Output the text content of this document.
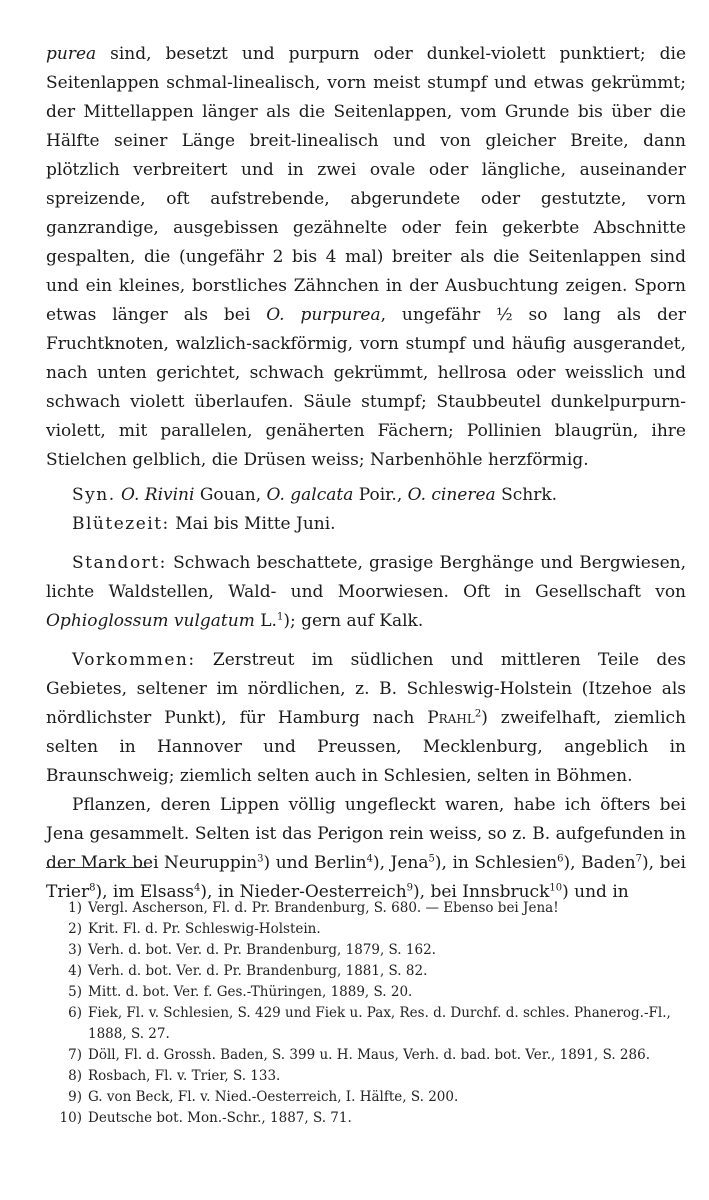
purea sind, besetzt und purpurn oder dunkel-violett punktiert; die Seitenlappen schmal-linealisch, vorn meist stumpf und etwas gekrümmt; der Mittellappen länger als die Seitenlappen, vom Grunde bis über die Hälfte seiner Länge breit-linealisch und von gleicher Breite, dann plötzlich verbreitert und in zwei ovale oder längliche, auseinander spreizende, oft aufstrebende, abgerundete oder gestutzte, vorn ganzrandige, ausgebissen gezähnelte oder fein gekerbte Abschnitte gespalten, die (ungefähr 2 bis 4 mal) breiter als die Seitenlappen sind und ein kleines, borstliches Zähnchen in der Ausbuchtung zeigen. Sporn etwas länger als bei O. purpurea, ungefähr ½ so lang als der Fruchtknoten, walzlich-sackförmig, vorn stumpf und häufig ausgerandet, nach unten gerichtet, schwach gekrümmt, hellrosa oder weisslich und schwach violett überlaufen. Säule stumpf; Staubbeutel dunkelpurpurn-violett, mit parallelen, genäherten Fächern; Pollinien blaugrün, ihre Stielchen gelblich, die Drüsen weiss; Narbenhöhle herzförmig.

Syn. O. Rivini Gouan, O. galcata Poir., O. cinerea Schrk.

Blütezeit: Mai bis Mitte Juni.

Standort: Schwach beschattete, grasige Berghänge und Bergwiesen, lichte Waldstellen, Wald- und Moorwiesen. Oft in Gesellschaft von Ophioglossum vulgatum L.$^1$); gern auf Kalk.

Vorkommen: Zerstreut im südlichen und mittleren Teile des Gebietes, seltener im nördlichen, z. B. Schleswig-Holstein (Itzehoe als nördlichster Punkt), für Hamburg nach Prahl$^2$) zweifelhaft, ziemlich selten in Hannover und Preussen, Mecklenburg, angeblich in Braunschweig; ziemlich selten auch in Schlesien, selten in Böhmen.

Pflanzen, deren Lippen völlig ungefleckt waren, habe ich öfters bei Jena gesammelt. Selten ist das Perigon rein weiss, so z. B. aufgefunden in der Mark bei Neuruppin$^3$) und Berlin$^4$), Jena$^5$), in Schlesien$^6$), Baden$^7$), bei Trier$^8$), im Elsass$^4$), in Nieder-Oesterreich$^9$), bei Innsbruck$^{10}$) und in

1) Vergl. Ascherson, Fl. d. Pr. Brandenburg, S. 680. — Ebenso bei Jena!

2) Krit. Fl. d. Pr. Schleswig-Holstein.

3) Verh. d. bot. Ver. d. Pr. Brandenburg, 1879, S. 162.

4) Verh. d. bot. Ver. d. Pr. Brandenburg, 1881, S. 82.

5) Mitt. d. bot. Ver. f. Ges.-Thüringen, 1889, S. 20.

6) Fiek, Fl. v. Schlesien, S. 429 und Fiek u. Pax, Res. d. Durchf. d. schles. Phanerog.-Fl., 1888, S. 27.

7) Döll, Fl. d. Grossh. Baden, S. 399 u. H. Maus, Verh. d. bad. bot. Ver., 1891, S. 286.

8) Rosbach, Fl. v. Trier, S. 133.

9) G. von Beck, Fl. v. Nied.-Oesterreich, I. Hälfte, S. 200.

10) Deutsche bot. Mon.-Schr., 1887, S. 71.
